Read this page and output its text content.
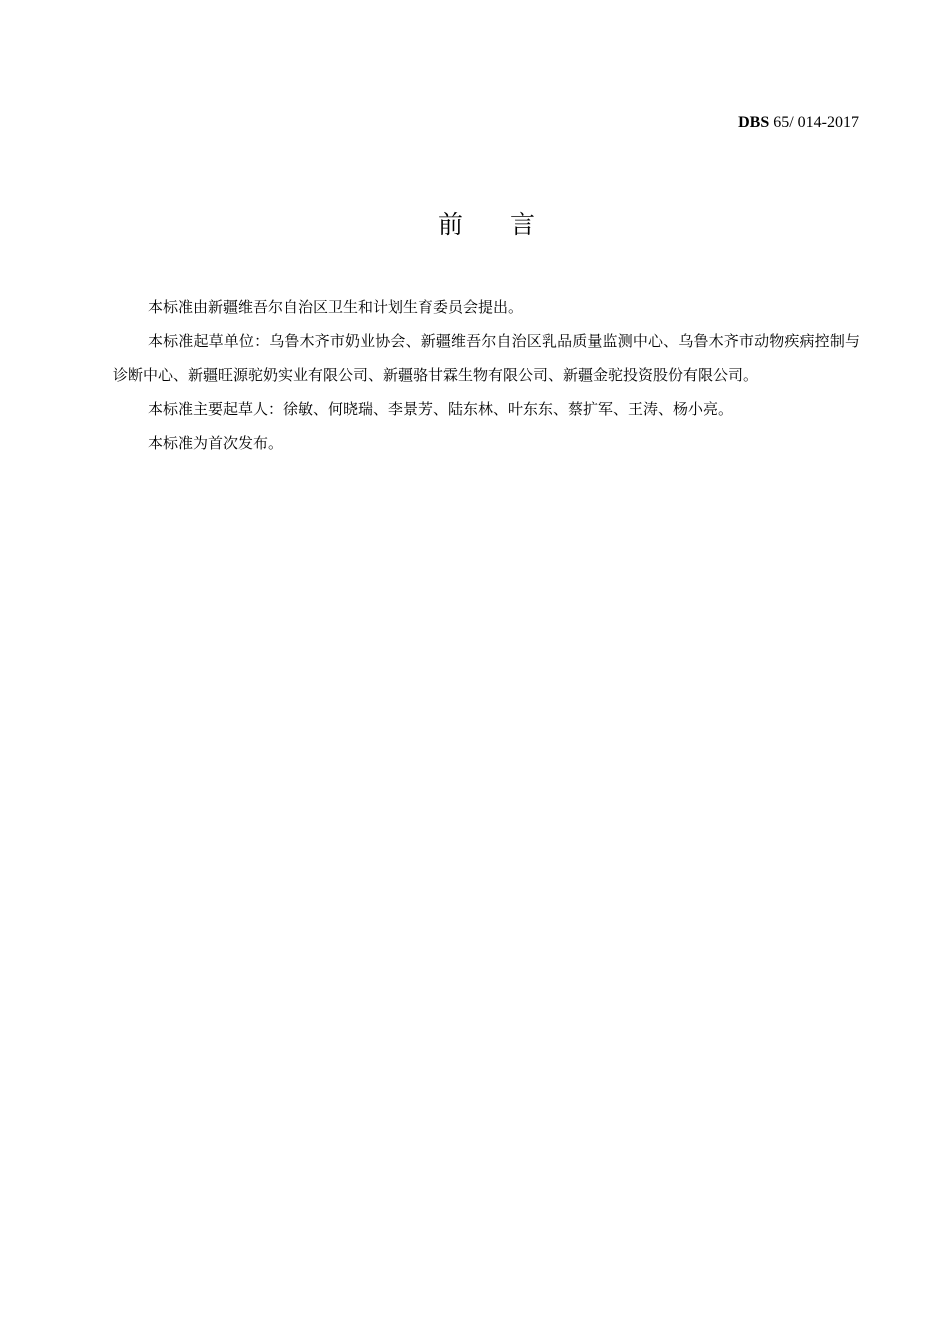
DBS 65/ 014-2017
前 言

本标准由新疆维吾尔自治区卫生和计划生育委员会提出。

本标准起草单位：乌鲁木齐市奶业协会、新疆维吾尔自治区乳品质量监测中心、乌鲁木齐市动物疾病控制与诊断中心、新疆旺源驼奶实业有限公司、新疆骆甘霖生物有限公司、新疆金驼投资股份有限公司。

本标准主要起草人：徐敏、何晓瑞、李景芳、陆东林、叶东东、蔡扩军、王涛、杨小亮。

本标准为首次发布。
